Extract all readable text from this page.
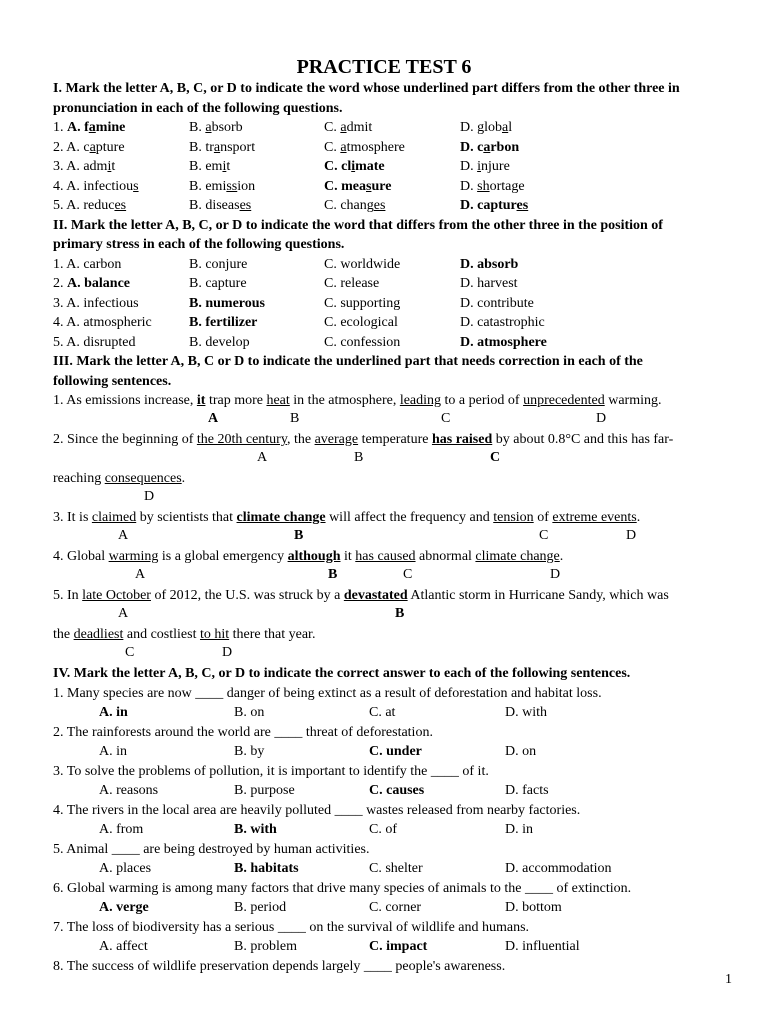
PRACTICE TEST 6
I. Mark the letter A, B, C, or D to indicate the word whose underlined part differs from the other three in
pronunciation in each of the following questions.
1. A. famine	B. absorb	C. admit	D. global
2. A. capture	B. transport	C. atmosphere	D. carbon
3. A. admit	B. emit	C. climate	D. injure
4. A. infectious	B. emission	C. measure	D. shortage
5. A. reduces	B. diseases	C. changes	D. captures
II. Mark the letter A, B, C, or D to indicate the word that differs from the other three in the position of
primary stress in each of the following questions.
1. A. carbon	B. conjure	C. worldwide	D. absorb
2. A. balance	B. capture	C. release	D. harvest
3. A. infectious	B. numerous	C. supporting	D. contribute
4. A. atmospheric	B. fertilizer	C. ecological	D. catastrophic
5. A. disrupted	B. develop	C. confession	D. atmosphere
III. Mark the letter A, B, C or D to indicate the underlined part that needs correction in each of the
following sentences.
1. As emissions increase, it trap more heat in the atmosphere, leading to a period of unprecedented warming.
A	B	C	D
2. Since the beginning of the 20th century, the average temperature has raised by about 0.8°C and this has far-
A	B	C
reaching consequences.
D
3. It is claimed by scientists that climate change will affect the frequency and tension of extreme events.
A	B	C	D
4. Global warming is a global emergency although it has caused abnormal climate change.
A	B	C	D
5. In late October of 2012, the U.S. was struck by a devastated Atlantic storm in Hurricane Sandy, which was
A	B
the deadliest and costliest to hit there that year.
C	D
IV. Mark the letter A, B, C, or D to indicate the correct answer to each of the following sentences.
1. Many species are now ____ danger of being extinct as a result of deforestation and habitat loss.
A. in	B. on	C. at	D. with
2. The rainforests around the world are ____ threat of deforestation.
A. in	B. by	C. under	D. on
3. To solve the problems of pollution, it is important to identify the ____ of it.
A. reasons	B. purpose	C. causes	D. facts
4. The rivers in the local area are heavily polluted ____ wastes released from nearby factories.
A. from	B. with	C. of	D. in
5. Animal ____ are being destroyed by human activities.
A. places	B. habitats	C. shelter	D. accommodation
6. Global warming is among many factors that drive many species of animals to the ____ of extinction.
A. verge	B. period	C. corner	D. bottom
7. The loss of biodiversity has a serious ____ on the survival of wildlife and humans.
A. affect	B. problem	C. impact	D. influential
8. The success of wildlife preservation depends largely ____ people's awareness.
1
